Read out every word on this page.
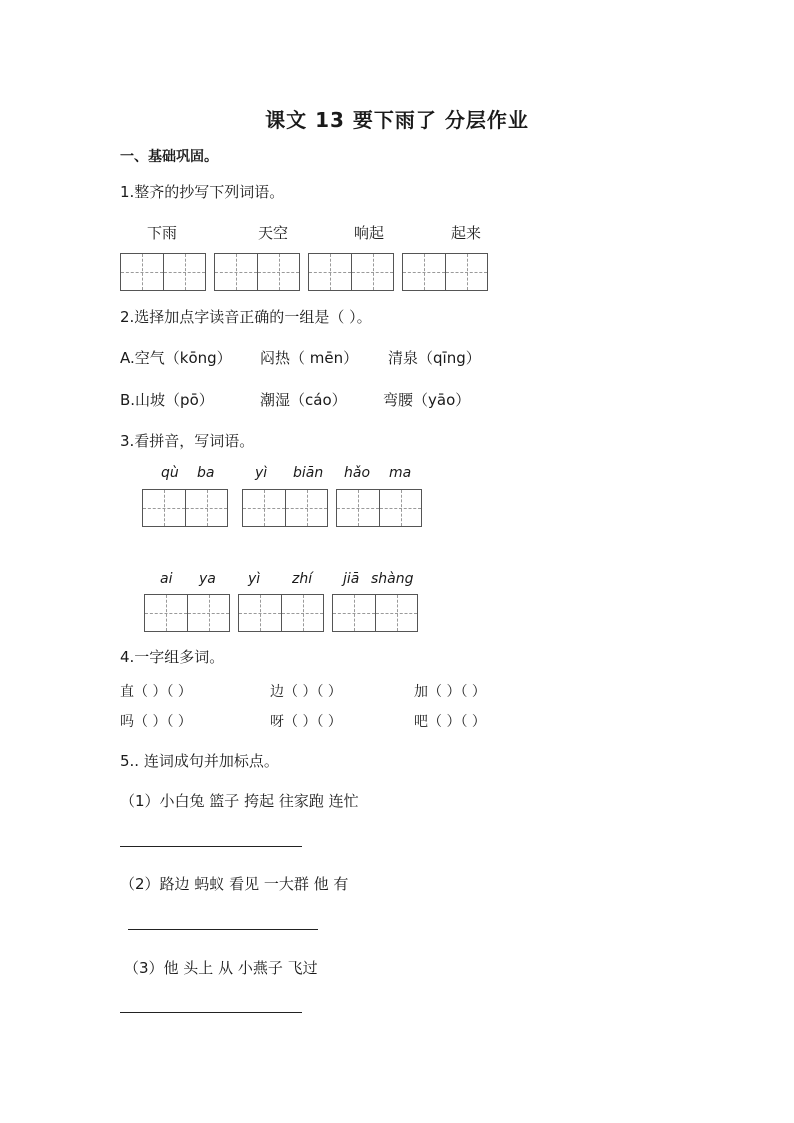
课文 13 要下雨了 分层作业
一、基础巩固。
1.整齐的抄写下列词语。
下雨	天空	响起	起来
2.选择加点字读音正确的一组是（ ）。
A.空气（kōng） 闷热（ mēn） 清泉（qīng）
B.山坡（pō）	潮湿（cáo） 弯腰（yāo）
3.看拼音，写词语。
qù ba	yì biān hǎo ma
ai ya yì zhí jiā shàng
4.一字组多词。
直（ ）（ ）	边（ ）（ ）	加（ ）（ ）
吗（ ）（ ）	呀（ ）（ ）	吧（ ）（ ）
5.. 连词成句并加标点。
（1）小白兔 篮子 挎起 往家跑 连忙
（2）路边 蚂蚁 看见 一大群 他 有
（3）他 头上 从 小燕子 飞过
